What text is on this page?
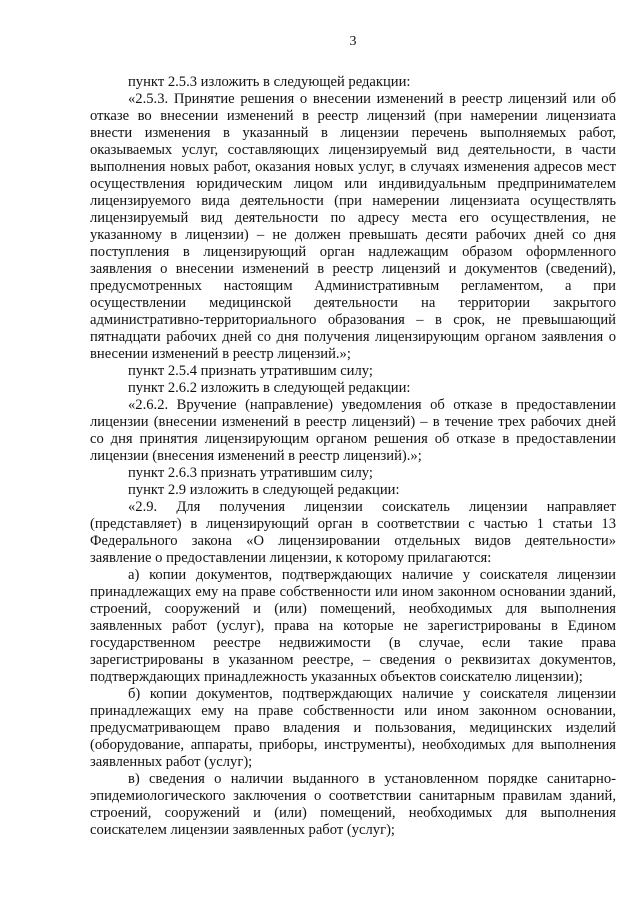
3

пункт 2.5.3 изложить в следующей редакции:

«2.5.3. Принятие решения о внесении изменений в реестр лицензий или об отказе во внесении изменений в реестр лицензий (при намерении лицензиата внести изменения в указанный в лицензии перечень выполняемых работ, оказываемых услуг, составляющих лицензируемый вид деятельности, в части выполнения новых работ, оказания новых услуг, в случаях изменения адресов мест осуществления юридическим лицом или индивидуальным предпринимателем лицензируемого вида деятельности (при намерении лицензиата осуществлять лицензируемый вид деятельности по адресу места его осуществления, не указанному в лицензии) – не должен превышать десяти рабочих дней со дня поступления в лицензирующий орган надлежащим образом оформленного заявления о внесении изменений в реестр лицензий и документов (сведений), предусмотренных настоящим Административным регламентом, а при осуществлении медицинской деятельности на территории закрытого административно-территориального образования – в срок, не превышающий пятнадцати рабочих дней со дня получения лицензирующим органом заявления о внесении изменений в реестр лицензий.»;

пункт 2.5.4 признать утратившим силу;

пункт 2.6.2 изложить в следующей редакции:

«2.6.2. Вручение (направление) уведомления об отказе в предоставлении лицензии (внесении изменений в реестр лицензий) – в течение трех рабочих дней со дня принятия лицензирующим органом решения об отказе в предоставлении лицензии (внесения изменений в реестр лицензий).»;

пункт 2.6.3 признать утратившим силу;

пункт 2.9 изложить в следующей редакции:

«2.9. Для получения лицензии соискатель лицензии направляет (представляет) в лицензирующий орган в соответствии с частью 1 статьи 13 Федерального закона «О лицензировании отдельных видов деятельности» заявление о предоставлении лицензии, к которому прилагаются:

а) копии документов, подтверждающих наличие у соискателя лицензии принадлежащих ему на праве собственности или ином законном основании зданий, строений, сооружений и (или) помещений, необходимых для выполнения заявленных работ (услуг), права на которые не зарегистрированы в Едином государственном реестре недвижимости (в случае, если такие права зарегистрированы в указанном реестре, – сведения о реквизитах документов, подтверждающих принадлежность указанных объектов соискателю лицензии);

б) копии документов, подтверждающих наличие у соискателя лицензии принадлежащих ему на праве собственности или ином законном основании, предусматривающем право владения и пользования, медицинских изделий (оборудование, аппараты, приборы, инструменты), необходимых для выполнения заявленных работ (услуг);

в) сведения о наличии выданного в установленном порядке санитарно-эпидемиологического заключения о соответствии санитарным правилам зданий, строений, сооружений и (или) помещений, необходимых для выполнения соискателем лицензии заявленных работ (услуг);
